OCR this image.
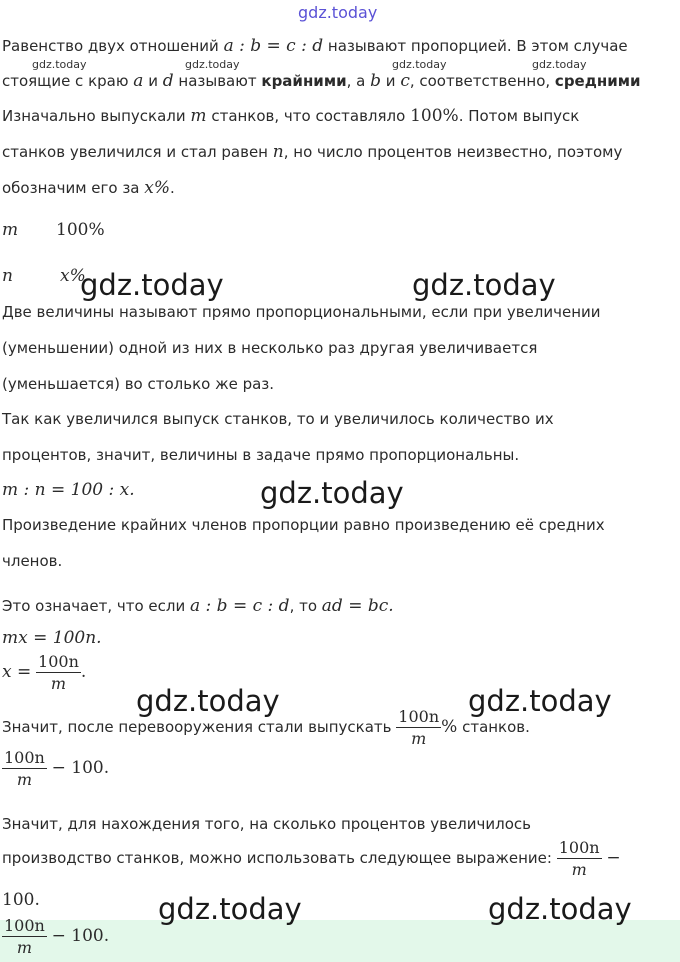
gdz.today
Равенство двух отношений a : b = c : d называют пропорцией. В этом случае
стоящие с краю a и d называют крайними, а b и c, соответственно, средними
gdz.today	gdz.today	gdz.today	gdz.today
Изначально выпускали m станков, что составляло 100%. Потом выпуск
станков увеличился и стал равен n, но число процентов неизвестно, поэтому
обозначим его за x%.
m 100%
n	x%
gdz.today	gdz.today
Две величины называют прямо пропорциональными, если при увеличении
(уменьшении) одной из них в несколько раз другая увеличивается
(уменьшается) во столько же раз.
Так как увеличился выпуск станков, то и увеличилось количество их
процентов, значит, величины в задаче прямо пропорциональны.
m : n = 100 : x.	gdz.today
Произведение крайних членов пропорции равно произведению её средних
членов.
Это означает, что если a : b = c : d, то ad = bc.
mx = 100n.
$x = \frac{100n}{m}$ .
gdz.today	gdz.today
Значит, после перевооружения стали выпускать $\frac{100n}{m}$ % станков.
$\frac{100n}{m} - 100$.
Значит, для нахождения того, на сколько процентов увеличилось
производство станков, можно использовать следующее выражение: $\frac{100n}{m}$ −
100.	gdz.today	gdz.today
$\frac{100n}{m} - 100$.
